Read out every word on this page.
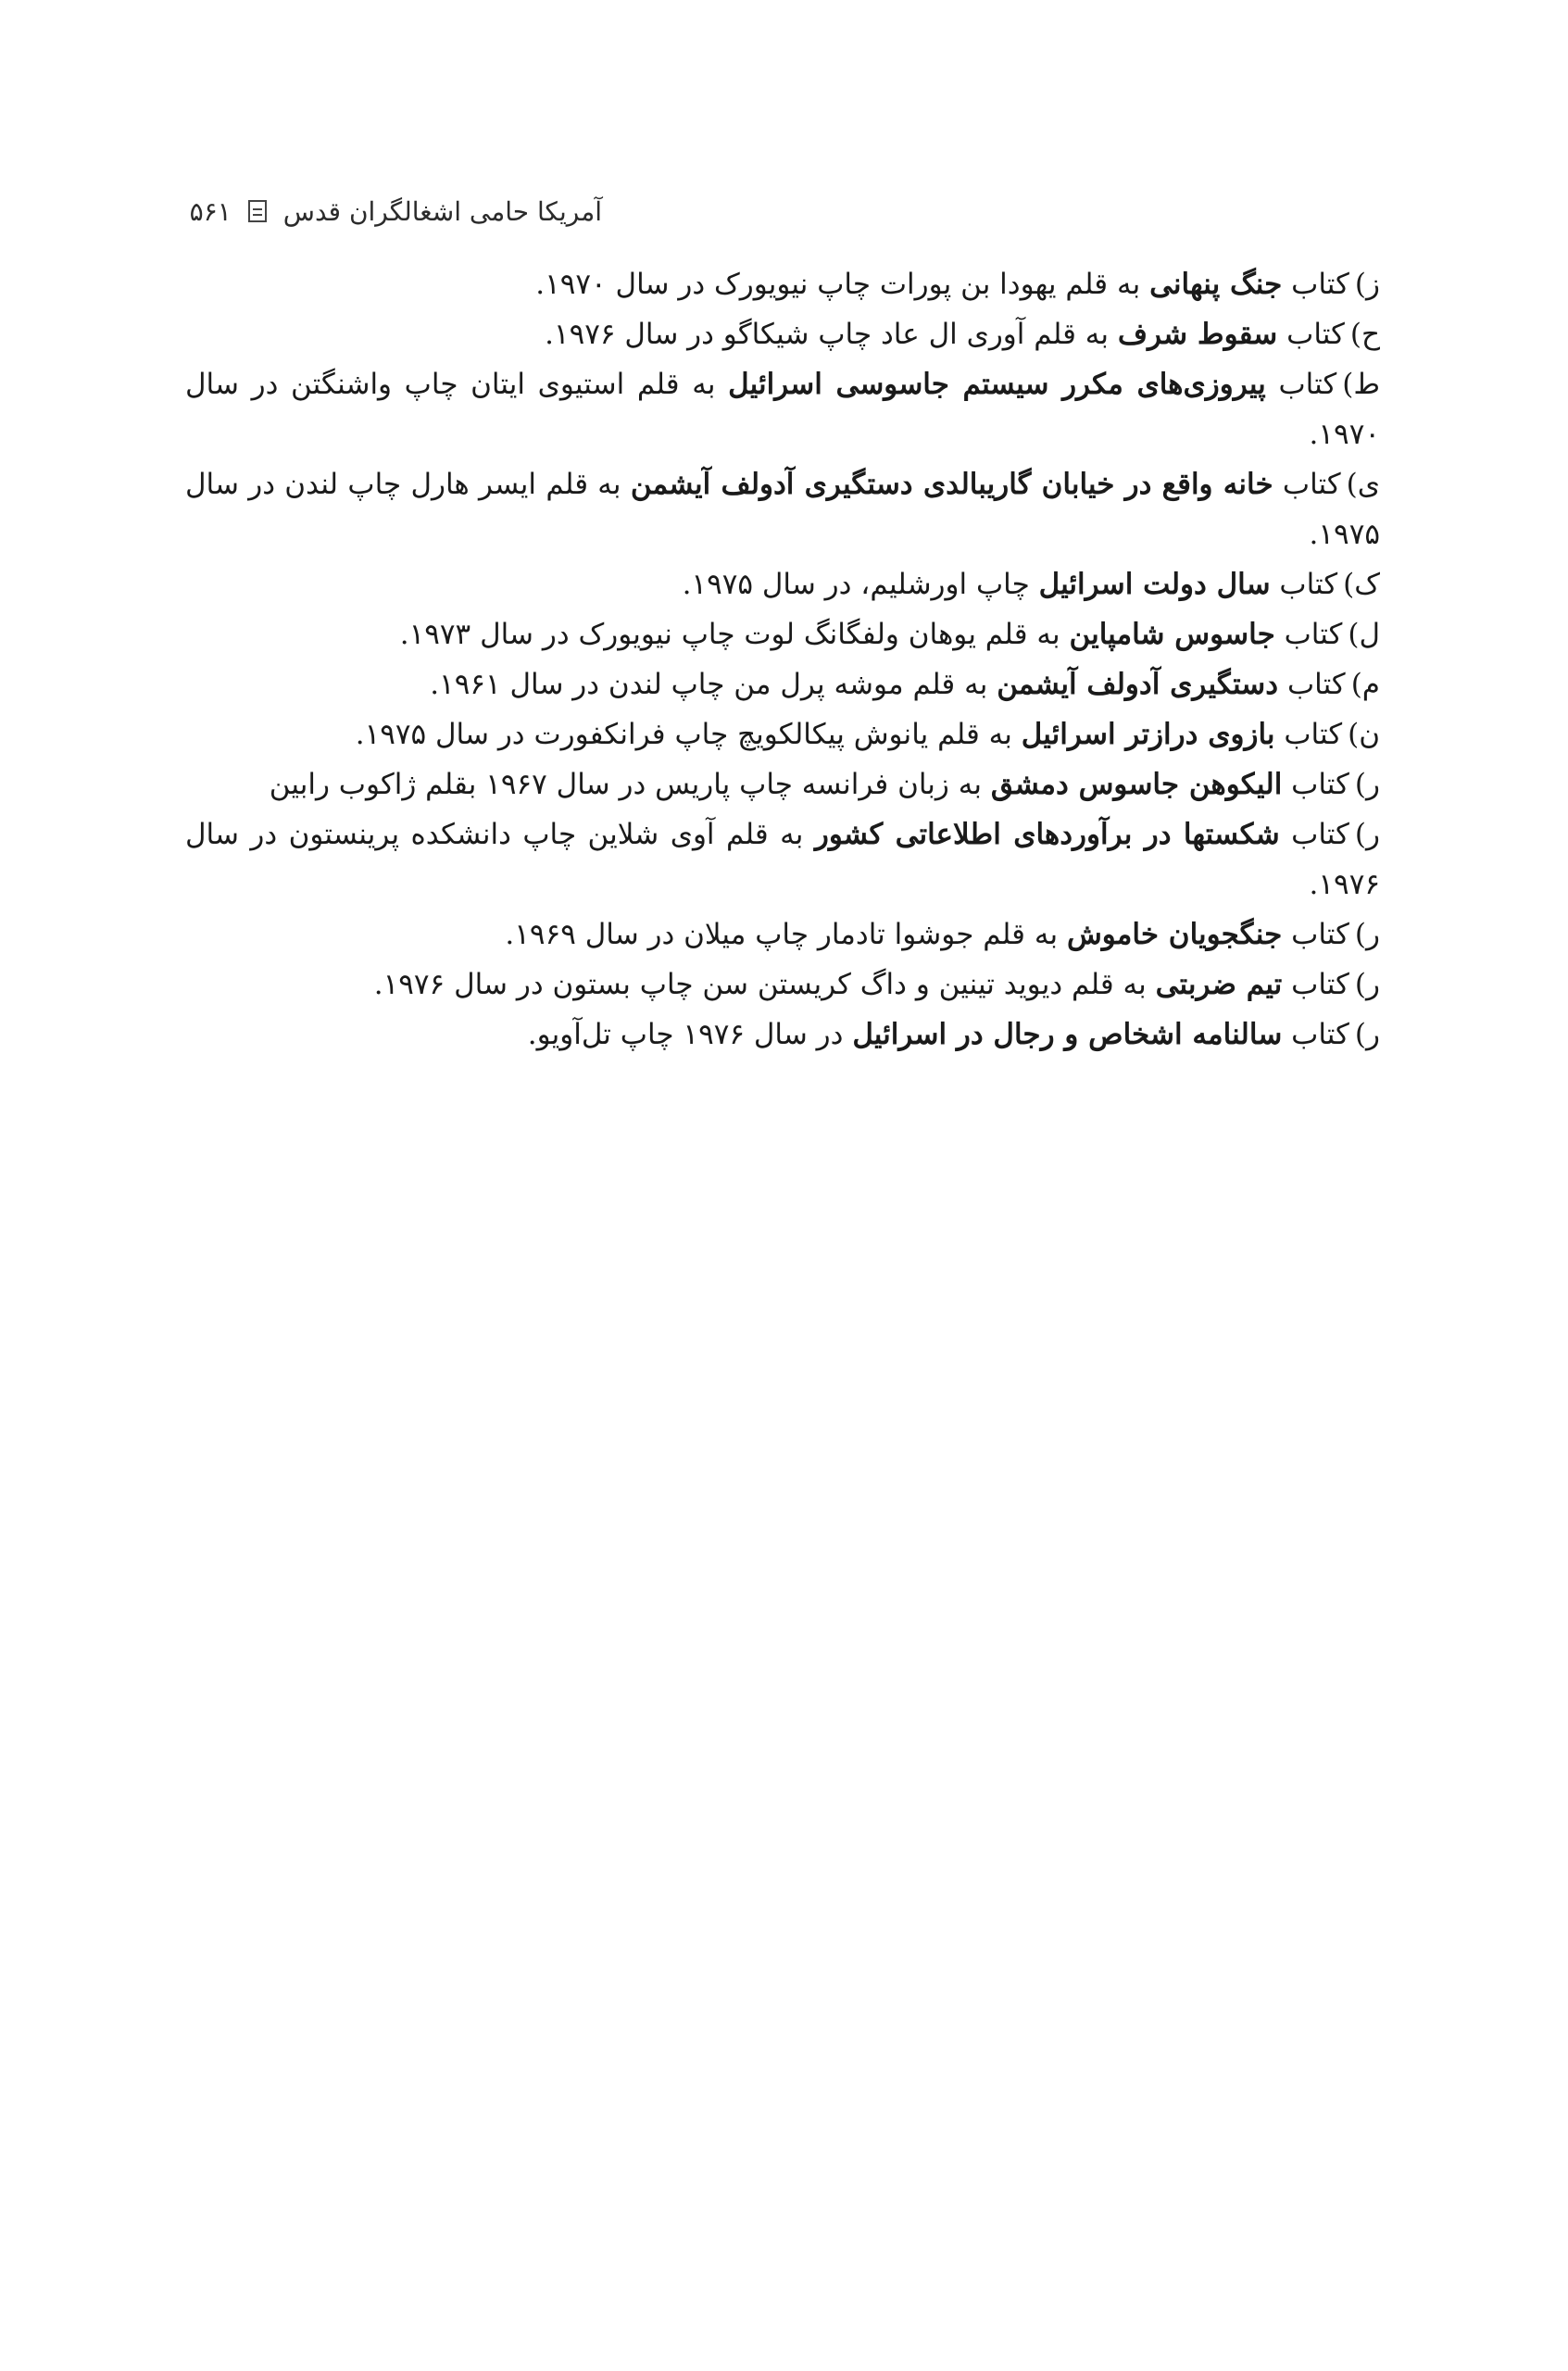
آمریکا حامی اشغالگران قدس
۵۶۱

ز)کتاب جنگ پنهانی به قلم یهودا بن پورات چاپ نیویورک در سال ۱۹۷۰.

ح)کتاب سقوط شرف به قلم آوری ال عاد چاپ شیکاگو در سال ۱۹۷۶.

ط)کتاب پیروزی‌های مکرر سیستم جاسوسی اسرائیل به قلم استیوی ایتان چاپ واشنگتن در سال ۱۹۷۰.

ی)کتاب خانه واقع در خیابان گاریبالدی دستگیری آدولف آیشمن به قلم ایسر هارل چاپ لندن در سال ۱۹۷۵.

ک)کتاب سال دولت اسرائیل چاپ اورشلیم، در سال ۱۹۷۵.

ل)کتاب جاسوس شامپاین به قلم یوهان ولفگانگ لوت چاپ نیویورک در سال ۱۹۷۳.

م)کتاب دستگیری آدولف آیشمن به قلم موشه پرل من چاپ لندن در سال ۱۹۶۱.

ن)کتاب بازوی درازتر اسرائیل به قلم یانوش پیکالکویچ چاپ فرانکفورت در سال ۱۹۷۵.

ر)کتاب الیکوهن جاسوس دمشق به زبان فرانسه چاپ پاریس در سال ۱۹۶۷ بقلم ژاکوب رابین

ر)کتاب شکستها در برآوردهای اطلاعاتی کشور به قلم آوی شلاین چاپ دانشکده پرینستون در سال ۱۹۷۶.

ر)کتاب جنگجویان خاموش به قلم جوشوا تادمار چاپ میلان در سال ۱۹۶۹.

ر)کتاب تیم ضربتی به قلم دیوید تینین و داگ کریستن سن چاپ بستون در سال ۱۹۷۶.

ر)کتاب سالنامه اشخاص و رجال در اسرائیل در سال ۱۹۷۶ چاپ تل‌آویو.
